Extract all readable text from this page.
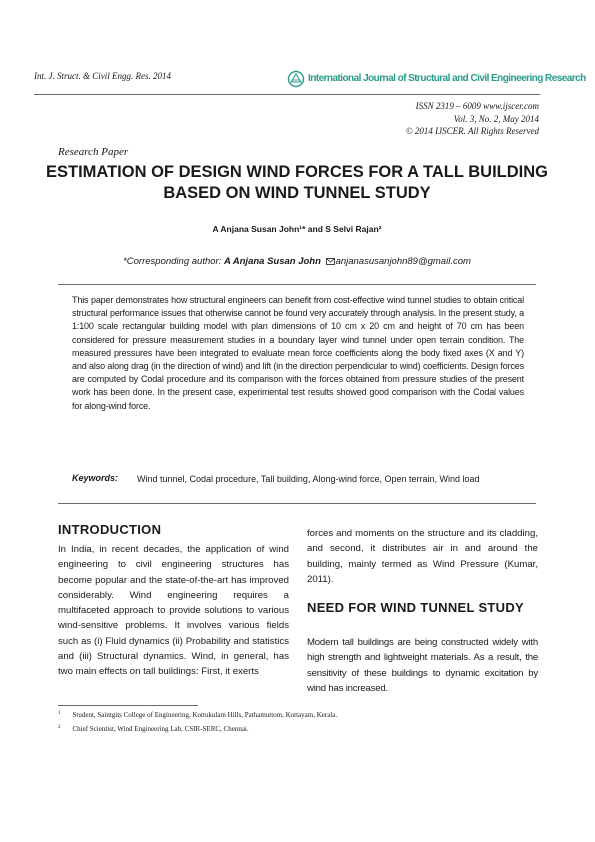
Int. J. Struct. & Civil Engg. Res. 2014	International Journal of Structural and Civil Engineering Research
ISSN 2319 – 6009 www.ijscer.com
Vol. 3, No. 2, May 2014
© 2014 IJSCER. All Rights Reserved
Research Paper
ESTIMATION OF DESIGN WIND FORCES FOR A TALL BUILDING BASED ON WIND TUNNEL STUDY
A Anjana Susan John¹* and S Selvi Rajan²
*Corresponding author: A Anjana Susan John anjanasusanjohn89@gmail.com
This paper demonstrates how structural engineers can benefit from cost-effective wind tunnel studies to obtain critical structural performance issues that otherwise cannot be found very accurately through analysis. In the present study, a 1:100 scale rectangular building model with plan dimensions of 10 cm x 20 cm and height of 70 cm has been considered for pressure measurement studies in a boundary layer wind tunnel under open terrain condition. The measured pressures have been integrated to evaluate mean force coefficients along the body fixed axes (X and Y) and also along drag (in the direction of wind) and lift (in the direction perpendicular to wind) coefficients. Design forces are computed by Codal procedure and its comparison with the forces obtained from pressure studies of the present work has been done. In the present case, experimental test results showed good comparison with the Codal values for along-wind force.
Keywords: Wind tunnel, Codal procedure, Tall building, Along-wind force, Open terrain, Wind load
INTRODUCTION
In India, in recent decades, the application of wind engineering to civil engineering structures has become popular and the state-of-the-art has improved considerably. Wind engineering requires a multifaceted approach to provide solutions to various wind-sensitive problems. It involves various fields such as (i) Fluid dynamics (ii) Probability and statistics and (iii) Structural dynamics. Wind, in general, has two main effects on tall buildings: First, it exerts
forces and moments on the structure and its cladding, and second, it distributes air in and around the building, mainly termed as Wind Pressure (Kumar, 2011).
NEED FOR WIND TUNNEL STUDY
Modern tall buildings are being constructed widely with high strength and lightweight materials. As a result, the sensitivity of these buildings to dynamic excitation by wind has increased.
$^1$ Student, Saintgits College of Engineering, Kottukulam Hills, Pathamuttom, Kottayam, Kerala.
$^2$ Chief Scientist, Wind Engineering Lab, CSIR-SERC, Chennai.
